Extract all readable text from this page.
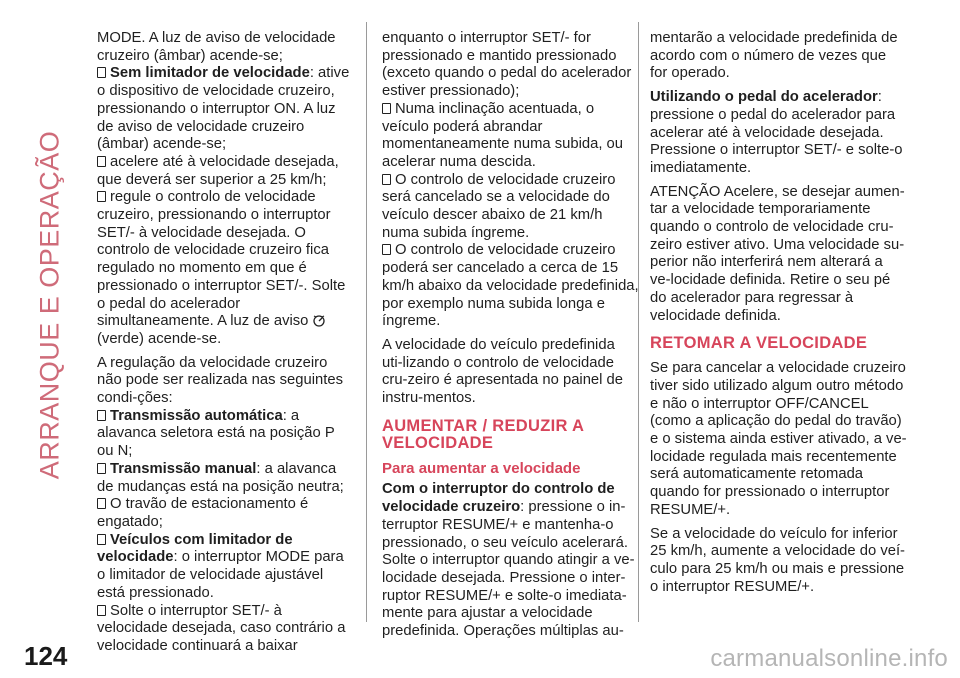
ARRANQUE E OPERAÇÃO

MODE. A luz de aviso de velocidade cruzeiro (âmbar) acende-se;

Sem limitador de velocidade: ative o dispositivo de velocidade cruzeiro, pressionando o interruptor ON. A luz de aviso de velocidade cruzeiro (âmbar) acende-se;

acelere até à velocidade desejada, que deverá ser superior a 25 km/h;

regule o controlo de velocidade cruzeiro, pressionando o interruptor SET/- à velocidade desejada. O controlo de velocidade cruzeiro fica regulado no momento em que é pressionado o interruptor SET/-. Solte o pedal do acelerador simultaneamente. A luz de aviso(verde) acende-se.

A regulação da velocidade cruzeiro não pode ser realizada nas seguintes condi-ções:

Transmissão automática: a alavanca seletora está na posição P ou N;

Transmissão manual: a alavanca de mudanças está na posição neutra;

O travão de estacionamento é engatado;

Veículos com limitador de velocidade: o interruptor MODE para o limitador de velocidade ajustável está pressionado.

Solte o interruptor SET/- à velocidade desejada, caso contrário a velocidade continuará a baixar

enquanto o interruptor SET/- for pressionado e mantido pressionado (exceto quando o pedal do acelerador estiver pressionado);

Numa inclinação acentuada, o veículo poderá abrandar momentaneamente numa subida, ou acelerar numa descida.

O controlo de velocidade cruzeiro será cancelado se a velocidade do veículo descer abaixo de 21 km/h numa subida íngreme.

O controlo de velocidade cruzeiro poderá ser cancelado a cerca de 15 km/h abaixo da velocidade predefinida, por exemplo numa subida longa e íngreme.

A velocidade do veículo predefinida uti-lizando o controlo de velocidade cru-zeiro é apresentada no painel de instru-mentos.

AUMENTAR / REDUZIR A VELOCIDADE
Para aumentar a velocidade

Com o interruptor do controlo de velocidade cruzeiro: pressione o in-terruptor RESUME/+ e mantenha-o pressionado, o seu veículo acelerará. Solte o interruptor quando atingir a ve-locidade desejada. Pressione o inter-ruptor RESUME/+ e solte-o imediata-mente para ajustar a velocidade predefinida. Operações múltiplas au-

mentarão a velocidade predefinida de acordo com o número de vezes que for operado.

Utilizando o pedal do acelerador: pressione o pedal do acelerador para acelerar até à velocidade desejada. Pressione o interruptor SET/- e solte-o imediatamente.

ATENÇÃO Acelere, se desejar aumen-tar a velocidade temporariamente quando o controlo de velocidade cru-zeiro estiver ativo. Uma velocidade su-perior não interferirá nem alterará a ve-locidade definida. Retire o seu pé do acelerador para regressar à velocidade definida.

RETOMAR A VELOCIDADE

Se para cancelar a velocidade cruzeiro tiver sido utilizado algum outro método e não o interruptor OFF/CANCEL (como a aplicação do pedal do travão) e o sistema ainda estiver ativado, a ve-locidade regulada mais recentemente será automaticamente retomada quando for pressionado o interruptor RESUME/+.

Se a velocidade do veículo for inferior 25 km/h, aumente a velocidade do veí-culo para 25 km/h ou mais e pressione o interruptor RESUME/+.

124	carmanualsonline.info
